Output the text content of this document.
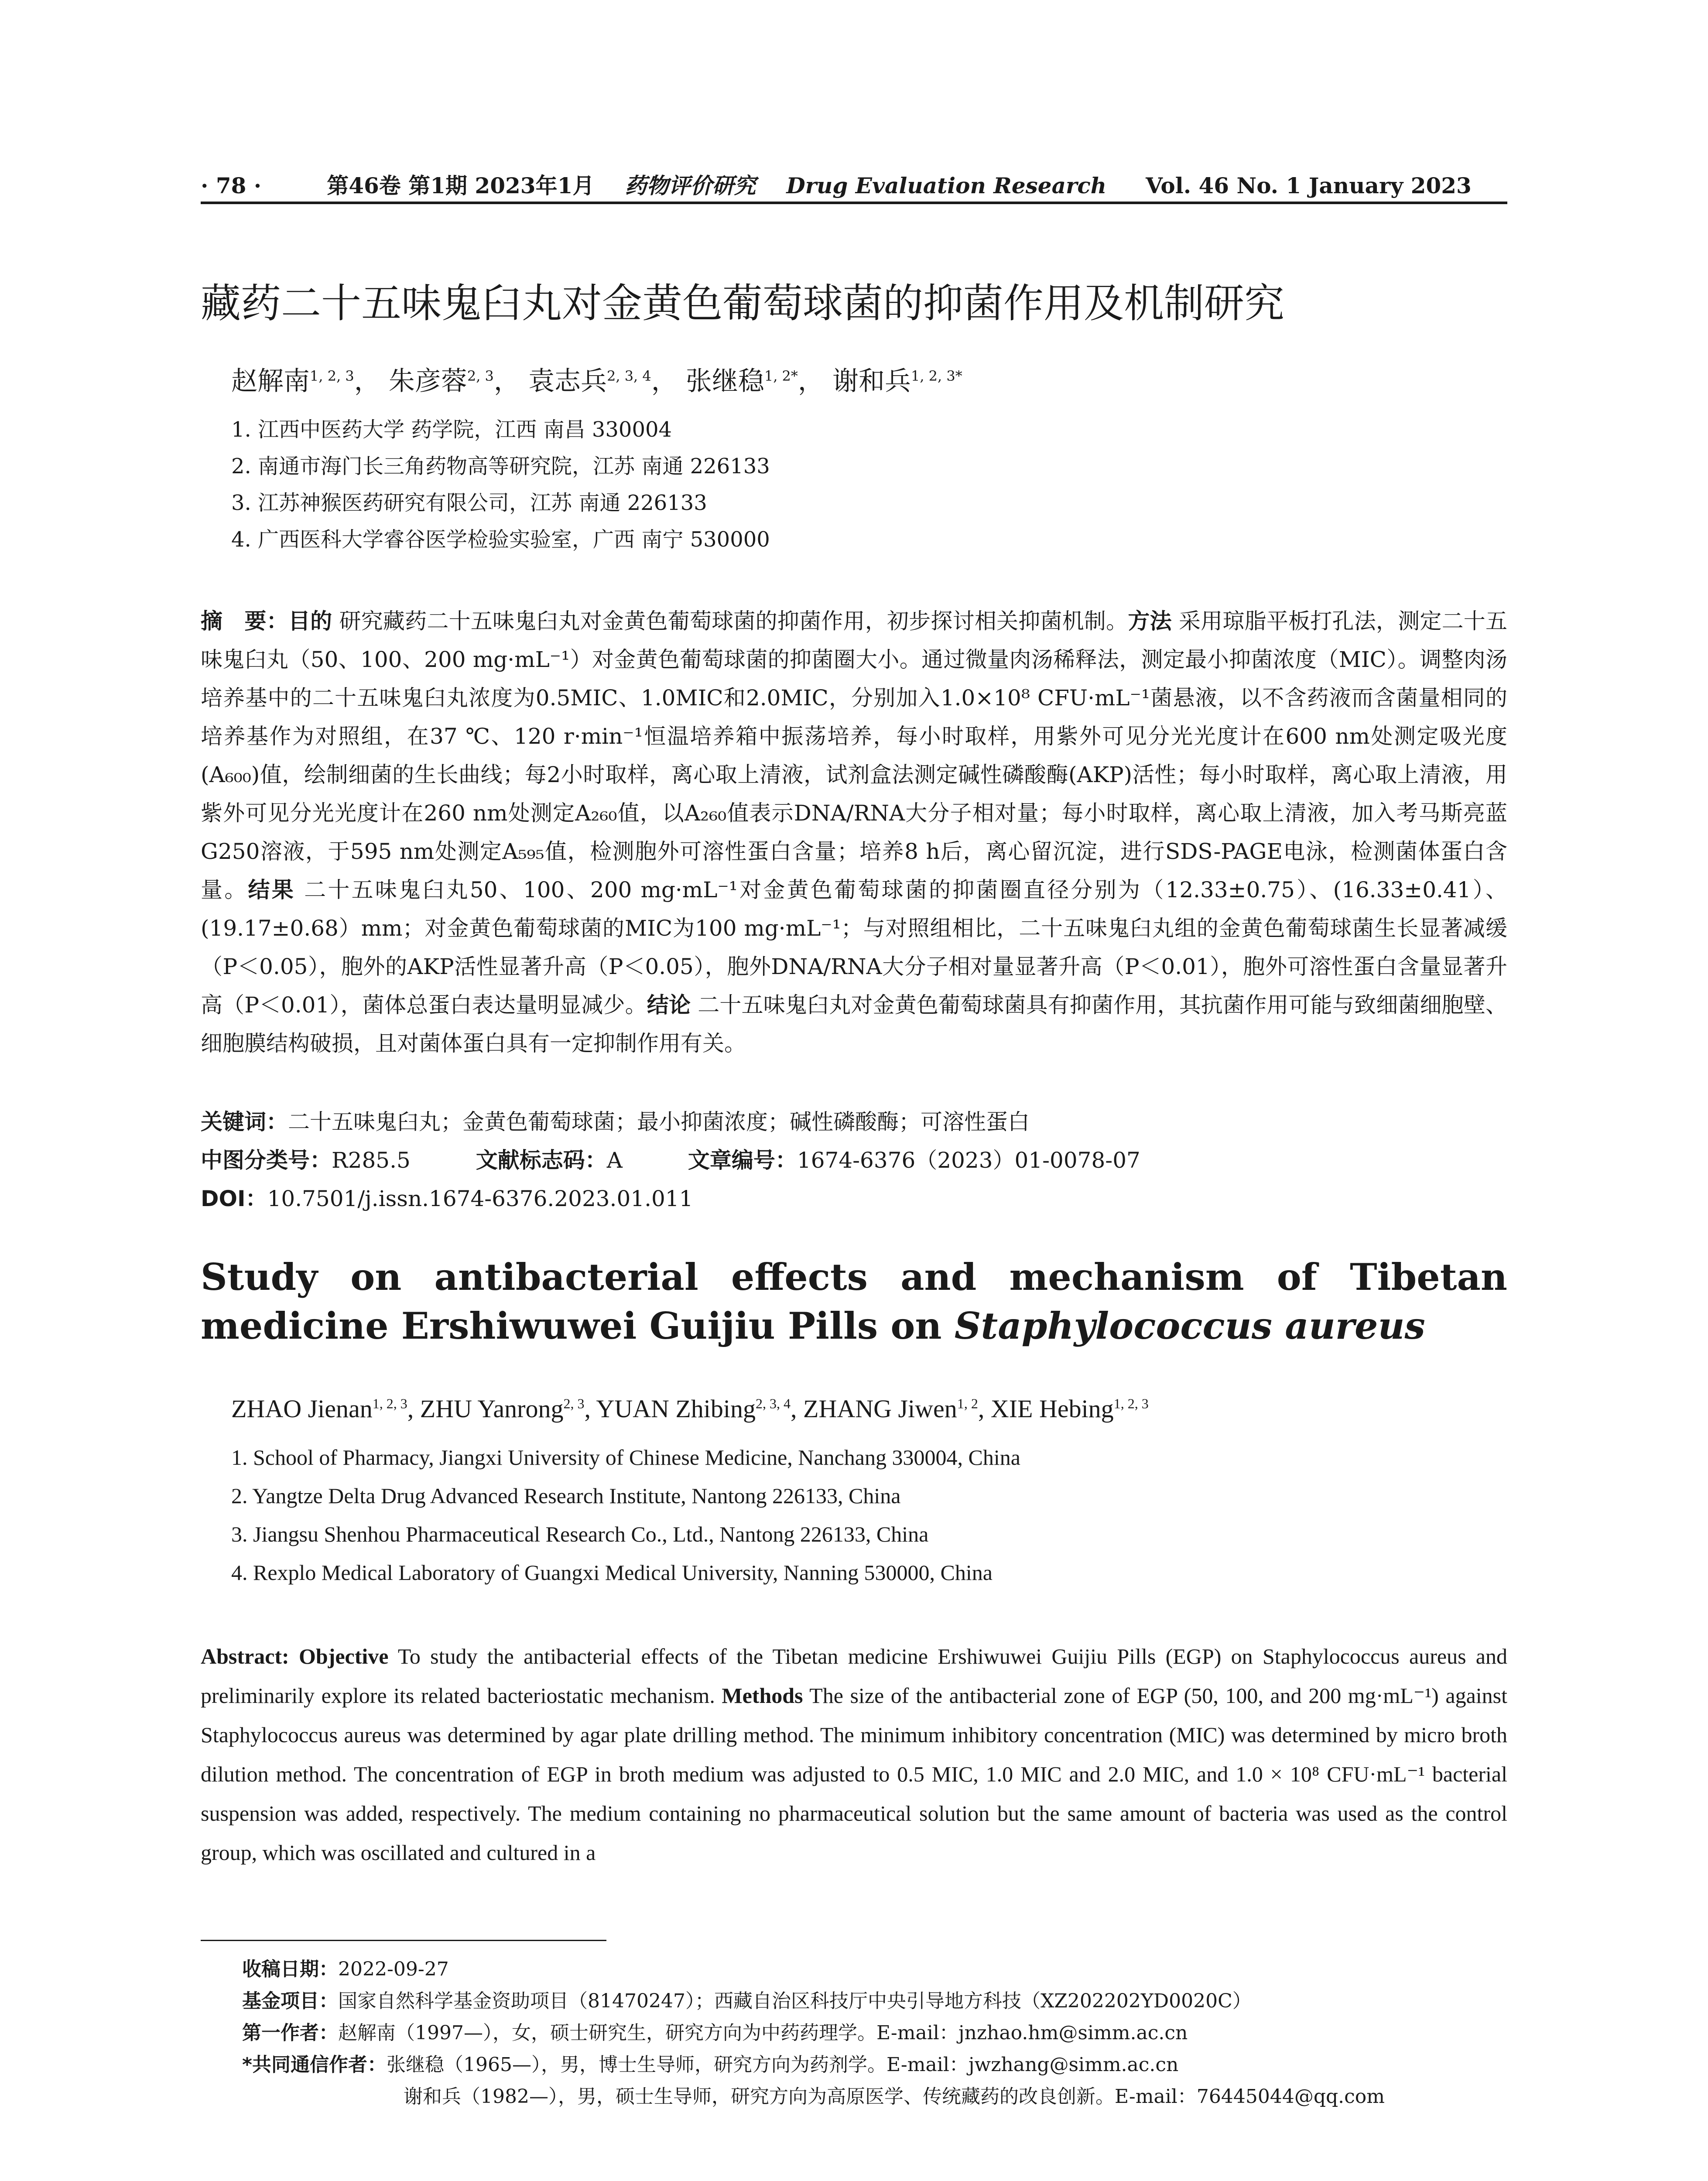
· 78 ·	第46卷 第1期 2023年1月 药物评价研究 Drug Evaluation Research Vol. 46 No. 1 January 2023
藏药二十五味鬼臼丸对金黄色葡萄球菌的抑菌作用及机制研究
赵解南$^{1, 2, 3}$， 朱彦蓉$^{2, 3}$， 袁志兵$^{2, 3, 4}$， 张继稳$^{1, 2*}$， 谢和兵$^{1, 2, 3*}$
1. 江西中医药大学 药学院，江西 南昌 330004
2. 南通市海门长三角药物高等研究院，江苏 南通 226133
3. 江苏神猴医药研究有限公司，江苏 南通 226133
4. 广西医科大学睿谷医学检验实验室，广西 南宁 530000
摘　要：目的 研究藏药二十五味鬼臼丸对金黄色葡萄球菌的抑菌作用，初步探讨相关抑菌机制。方法 采用琼脂平板打孔法，测定二十五味鬼臼丸（50、100、200 mg·mL⁻¹）对金黄色葡萄球菌的抑菌圈大小。通过微量肉汤稀释法，测定最小抑菌浓度（MIC）。调整肉汤培养基中的二十五味鬼臼丸浓度为0.5MIC、1.0MIC和2.0MIC，分别加入1.0×10⁸ CFU·mL⁻¹菌悬液，以不含药液而含菌量相同的培养基作为对照组，在37 ℃、120 r·min⁻¹恒温培养箱中振荡培养，每小时取样，用紫外可见分光光度计在600 nm处测定吸光度(A₆₀₀)值，绘制细菌的生长曲线；每2小时取样，离心取上清液，试剂盒法测定碱性磷酸酶(AKP)活性；每小时取样，离心取上清液，用紫外可见分光光度计在260 nm处测定A₂₆₀值，以A₂₆₀值表示DNA/RNA大分子相对量；每小时取样，离心取上清液，加入考马斯亮蓝G250溶液，于595 nm处测定A₅₉₅值，检测胞外可溶性蛋白含量；培养8 h后，离心留沉淀，进行SDS-PAGE电泳，检测菌体蛋白含量。结果 二十五味鬼臼丸50、100、200 mg·mL⁻¹对金黄色葡萄球菌的抑菌圈直径分别为（12.33±0.75）、(16.33±0.41）、(19.17±0.68）mm；对金黄色葡萄球菌的MIC为100 mg·mL⁻¹；与对照组相比，二十五味鬼臼丸组的金黄色葡萄球菌生长显著减缓（P＜0.05），胞外的AKP活性显著升高（P＜0.05），胞外DNA/RNA大分子相对量显著升高（P＜0.01），胞外可溶性蛋白含量显著升高（P＜0.01），菌体总蛋白表达量明显减少。结论 二十五味鬼臼丸对金黄色葡萄球菌具有抑菌作用，其抗菌作用可能与致细菌细胞壁、细胞膜结构破损，且对菌体蛋白具有一定抑制作用有关。
关键词：二十五味鬼臼丸；金黄色葡萄球菌；最小抑菌浓度；碱性磷酸酶；可溶性蛋白
中图分类号：R285.5	文献标志码：A	文章编号：1674-6376（2023）01-0078-07
DOI：10.7501/j.issn.1674-6376.2023.01.011
Study on antibacterial effects and mechanism of Tibetan medicine Ershiwuwei Guijiu Pills on Staphylococcus aureus
ZHAO Jienan$^{1, 2, 3}$, ZHU Yanrong$^{2, 3}$, YUAN Zhibing$^{2, 3, 4}$, ZHANG Jiwen$^{1, 2}$, XIE Hebing$^{1, 2, 3}$
1. School of Pharmacy, Jiangxi University of Chinese Medicine, Nanchang 330004, China
2. Yangtze Delta Drug Advanced Research Institute, Nantong 226133, China
3. Jiangsu Shenhou Pharmaceutical Research Co., Ltd., Nantong 226133, China
4. Rexplo Medical Laboratory of Guangxi Medical University, Nanning 530000, China
Abstract: Objective To study the antibacterial effects of the Tibetan medicine Ershiwuwei Guijiu Pills (EGP) on Staphylococcus aureus and preliminarily explore its related bacteriostatic mechanism. Methods The size of the antibacterial zone of EGP (50, 100, and 200 mg·mL⁻¹) against Staphylococcus aureus was determined by agar plate drilling method. The minimum inhibitory concentration (MIC) was determined by micro broth dilution method. The concentration of EGP in broth medium was adjusted to 0.5 MIC, 1.0 MIC and 2.0 MIC, and 1.0 × 10⁸ CFU·mL⁻¹ bacterial suspension was added, respectively. The medium containing no pharmaceutical solution but the same amount of bacteria was used as the control group, which was oscillated and cultured in a
收稿日期：2022-09-27
基金项目：国家自然科学基金资助项目（81470247）；西藏自治区科技厅中央引导地方科技（XZ202202YD0020C）
第一作者：赵解南（1997—），女，硕士研究生，研究方向为中药药理学。E-mail：jnzhao.hm@simm.ac.cn
*共同通信作者：张继稳（1965—），男，博士生导师，研究方向为药剂学。E-mail：jwzhang@simm.ac.cn
谢和兵（1982—），男，硕士生导师，研究方向为高原医学、传统藏药的改良创新。E-mail：76445044@qq.com
